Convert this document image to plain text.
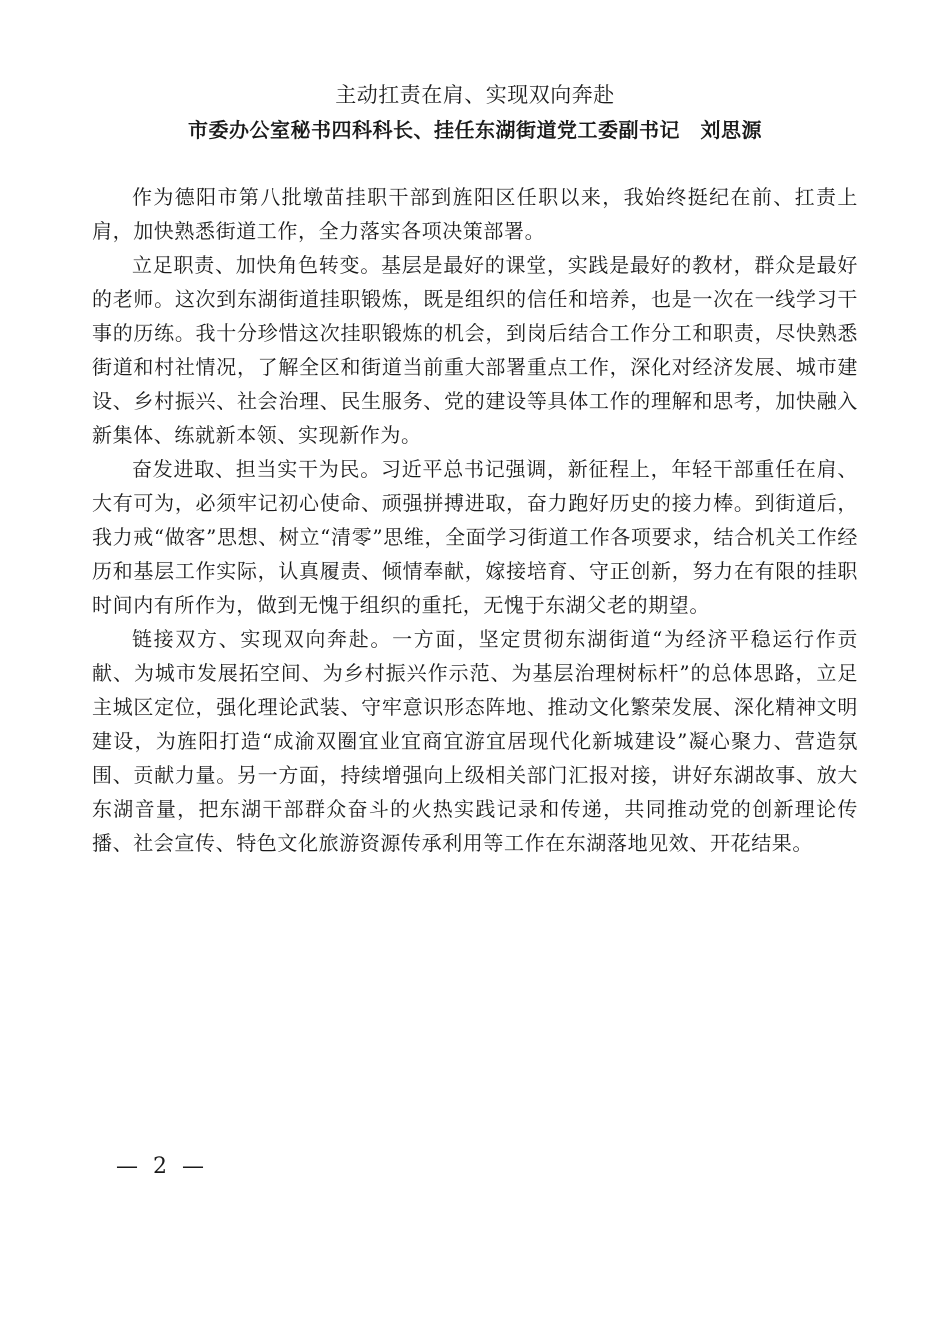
主动扛责在肩、实现双向奔赴
市委办公室秘书四科科长、挂任东湖街道党工委副书记　刘思源

作为德阳市第八批墩苗挂职干部到旌阳区任职以来，我始终挺纪在前、扛责上肩，加快熟悉街道工作，全力落实各项决策部署。

立足职责、加快角色转变。基层是最好的课堂，实践是最好的教材，群众是最好的老师。这次到东湖街道挂职锻炼，既是组织的信任和培养，也是一次在一线学习干事的历练。我十分珍惜这次挂职锻炼的机会，到岗后结合工作分工和职责，尽快熟悉街道和村社情况，了解全区和街道当前重大部署重点工作，深化对经济发展、城市建设、乡村振兴、社会治理、民生服务、党的建设等具体工作的理解和思考，加快融入新集体、练就新本领、实现新作为。

奋发进取、担当实干为民。习近平总书记强调，新征程上，年轻干部重任在肩、大有可为，必须牢记初心使命、顽强拼搏进取，奋力跑好历史的接力棒。到街道后，我力戒“做客”思想、树立“清零”思维，全面学习街道工作各项要求，结合机关工作经历和基层工作实际，认真履责、倾情奉献，嫁接培育、守正创新，努力在有限的挂职时间内有所作为，做到无愧于组织的重托，无愧于东湖父老的期望。

链接双方、实现双向奔赴。一方面，坚定贯彻东湖街道“为经济平稳运行作贡献、为城市发展拓空间、为乡村振兴作示范、为基层治理树标杆”的总体思路，立足主城区定位，强化理论武装、守牢意识形态阵地、推动文化繁荣发展、深化精神文明建设，为旌阳打造“成渝双圈宜业宜商宜游宜居现代化新城建设”凝心聚力、营造氛围、贡献力量。另一方面，持续增强向上级相关部门汇报对接，讲好东湖故事、放大东湖音量，把东湖干部群众奋斗的火热实践记录和传递，共同推动党的创新理论传播、社会宣传、特色文化旅游资源传承利用等工作在东湖落地见效、开花结果。

— 2 —
